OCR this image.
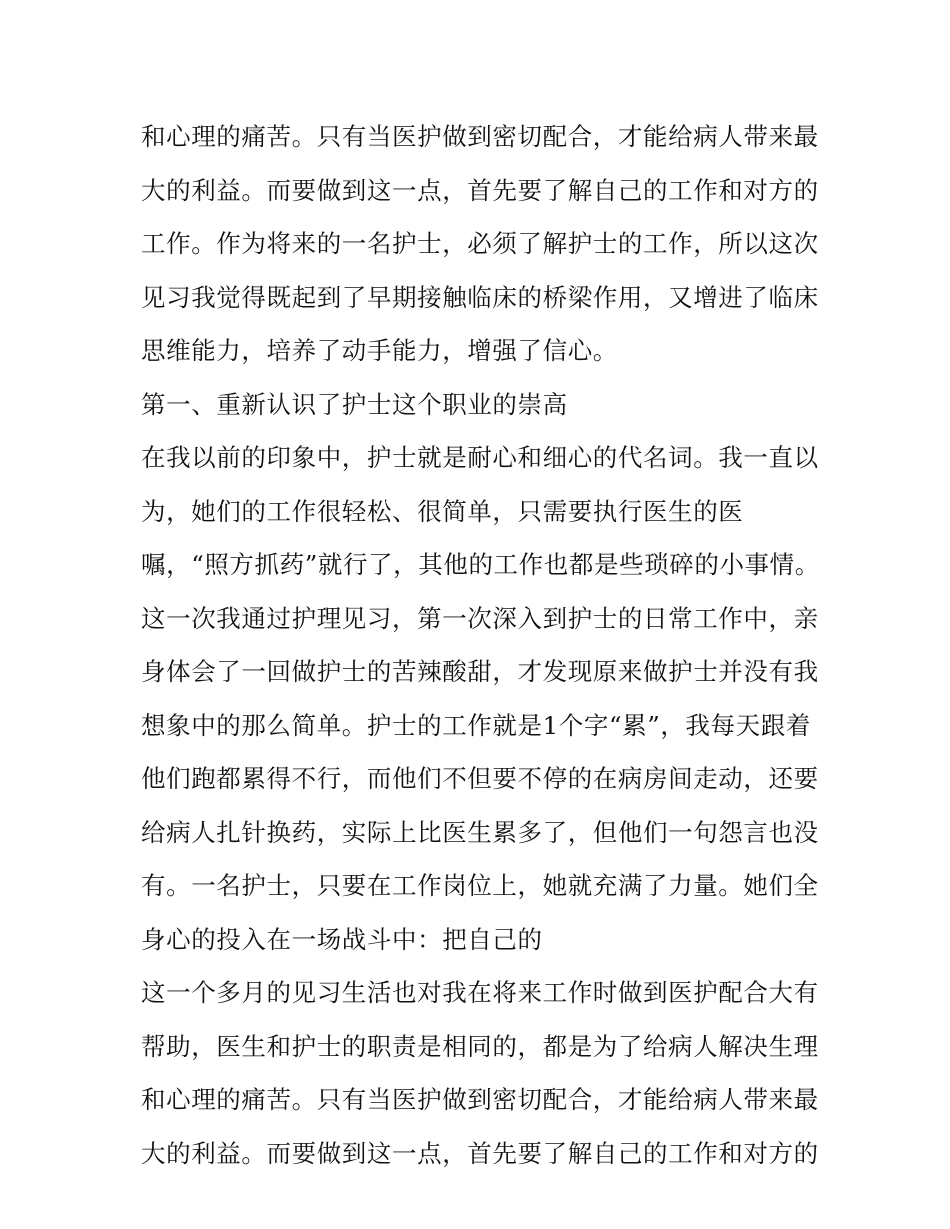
和心理的痛苦。只有当医护做到密切配合，才能给病人带来最
大的利益。而要做到这一点，首先要了解自己的工作和对方的
工作。作为将来的一名护士，必须了解护士的工作，所以这次
见习我觉得既起到了早期接触临床的桥梁作用，又增进了临床
思维能力，培养了动手能力，增强了信心。
第一、重新认识了护士这个职业的崇高
在我以前的印象中，护士就是耐心和细心的代名词。我一直以
为，她们的工作很轻松、很简单，只需要执行医生的医
嘱，“照方抓药”就行了，其他的工作也都是些琐碎的小事情。
这一次我通过护理见习，第一次深入到护士的日常工作中，亲
身体会了一回做护士的苦辣酸甜，才发现原来做护士并没有我
想象中的那么简单。护士的工作就是1个字“累”，我每天跟着
他们跑都累得不行，而他们不但要不停的在病房间走动，还要
给病人扎针换药，实际上比医生累多了，但他们一句怨言也没
有。一名护士，只要在工作岗位上，她就充满了力量。她们全
身心的投入在一场战斗中：把自己的
这一个多月的见习生活也对我在将来工作时做到医护配合大有
帮助，医生和护士的职责是相同的，都是为了给病人解决生理
和心理的痛苦。只有当医护做到密切配合，才能给病人带来最
大的利益。而要做到这一点，首先要了解自己的工作和对方的
